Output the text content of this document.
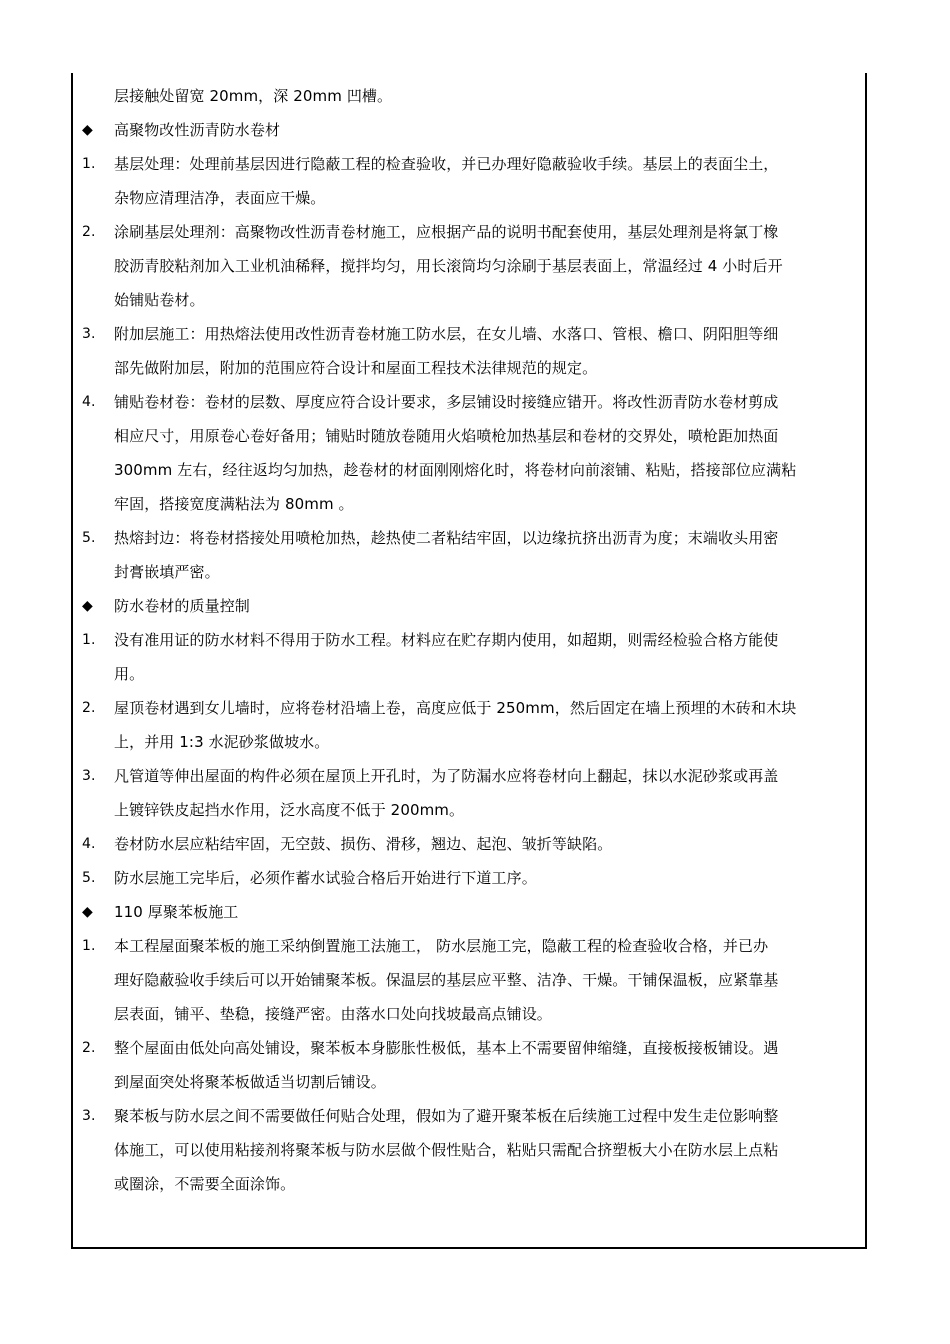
层接触处留宽 20mm，深 20mm 凹槽。
◆ 高聚物改性沥青防水卷材
1. 基层处理：处理前基层因进行隐蔽工程的检查验收，并已办理好隐蔽验收手续。基层上的表面尘土，
杂物应清理洁净，表面应干燥。
2. 涂刷基层处理剂：高聚物改性沥青卷材施工，应根据产品的说明书配套使用，基层处理剂是将氯丁橡
胶沥青胶粘剂加入工业机油稀释，搅拌均匀，用长滚筒均匀涂刷于基层表面上，常温经过 4 小时后开
始铺贴卷材。
3. 附加层施工：用热熔法使用改性沥青卷材施工防水层，在女儿墙、水落口、管根、檐口、阴阳胆等细
部先做附加层，附加的范围应符合设计和屋面工程技术法律规范的规定。
4. 铺贴卷材卷：卷材的层数、厚度应符合设计要求，多层铺设时接缝应错开。将改性沥青防水卷材剪成
相应尺寸，用原卷心卷好备用；铺贴时随放卷随用火焰喷枪加热基层和卷材的交界处，喷枪距加热面
300mm 左右，经往返均匀加热，趁卷材的材面刚刚熔化时，将卷材向前滚铺、粘贴，搭接部位应满粘
牢固，搭接宽度满粘法为 80mm 。
5. 热熔封边：将卷材搭接处用喷枪加热，趁热使二者粘结牢固，以边缘抗挤出沥青为度；末端收头用密
封膏嵌填严密。
◆ 防水卷材的质量控制
1. 没有准用证的防水材料不得用于防水工程。材料应在贮存期内使用，如超期，则需经检验合格方能使
用。
2. 屋顶卷材遇到女儿墙时，应将卷材沿墙上卷，高度应低于 250mm，然后固定在墙上预埋的木砖和木块
上，并用 1:3 水泥砂浆做坡水。
3. 凡管道等伸出屋面的构件必须在屋顶上开孔时，为了防漏水应将卷材向上翻起，抹以水泥砂浆或再盖
上镀锌铁皮起挡水作用，泛水高度不低于 200mm。
4. 卷材防水层应粘结牢固，无空鼓、损伤、滑移，翘边、起泡、皱折等缺陷。
5. 防水层施工完毕后，必须作蓄水试验合格后开始进行下道工序。
◆ 110 厚聚苯板施工
1. 本工程屋面聚苯板的施工采纳倒置施工法施工， 防水层施工完，隐蔽工程的检查验收合格，并已办
理好隐蔽验收手续后可以开始铺聚苯板。保温层的基层应平整、洁净、干燥。干铺保温板，应紧靠基
层表面，铺平、垫稳，接缝严密。由落水口处向找坡最高点铺设。
2. 整个屋面由低处向高处铺设，聚苯板本身膨胀性极低，基本上不需要留伸缩缝，直接板接板铺设。遇
到屋面突处将聚苯板做适当切割后铺设。
3. 聚苯板与防水层之间不需要做任何贴合处理，假如为了避开聚苯板在后续施工过程中发生走位影响整
体施工，可以使用粘接剂将聚苯板与防水层做个假性贴合，粘贴只需配合挤塑板大小在防水层上点粘
或圈涂，不需要全面涂饰。
